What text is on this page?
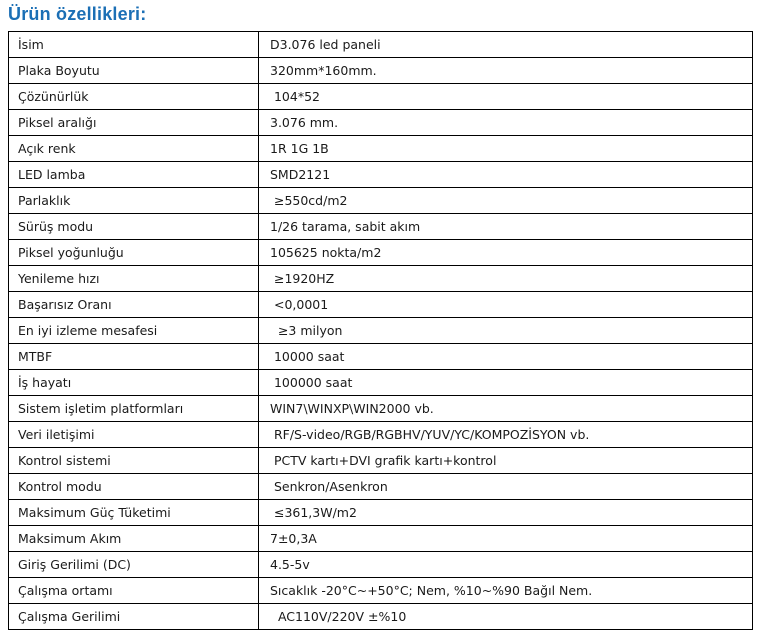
Ürün özellikleri:
İsim	D3.076 led paneli
Plaka Boyutu	320mm*160mm.
Çözünürlük	104*52
Piksel aralığı	3.076 mm.
Açık renk	1R 1G 1B
LED lamba	SMD2121
Parlaklık	≥550cd/m2
Sürüş modu	1/26 tarama, sabit akım
Piksel yoğunluğu	105625 nokta/m2
Yenileme hızı	≥1920HZ
Başarısız Oranı	<0,0001
En iyi izleme mesafesi	≥3 milyon
MTBF	10000 saat
İş hayatı	100000 saat
Sistem işletim platformları	WIN7\WINXP\WIN2000 vb.
Veri iletişimi	RF/S-video/RGB/RGBHV/YUV/YC/KOMPOZİSYON vb.
Kontrol sistemi	PCTV kartı+DVI grafik kartı+kontrol
Kontrol modu	Senkron/Asenkron
Maksimum Güç Tüketimi	≤361,3W/m2
Maksimum Akım	7±0,3A
Giriş Gerilimi (DC)	4.5-5v
Çalışma ortamı	Sıcaklık -20°C~+50°C; Nem, %10~%90 Bağıl Nem.
Çalışma Gerilimi	AC110V/220V ±%10
